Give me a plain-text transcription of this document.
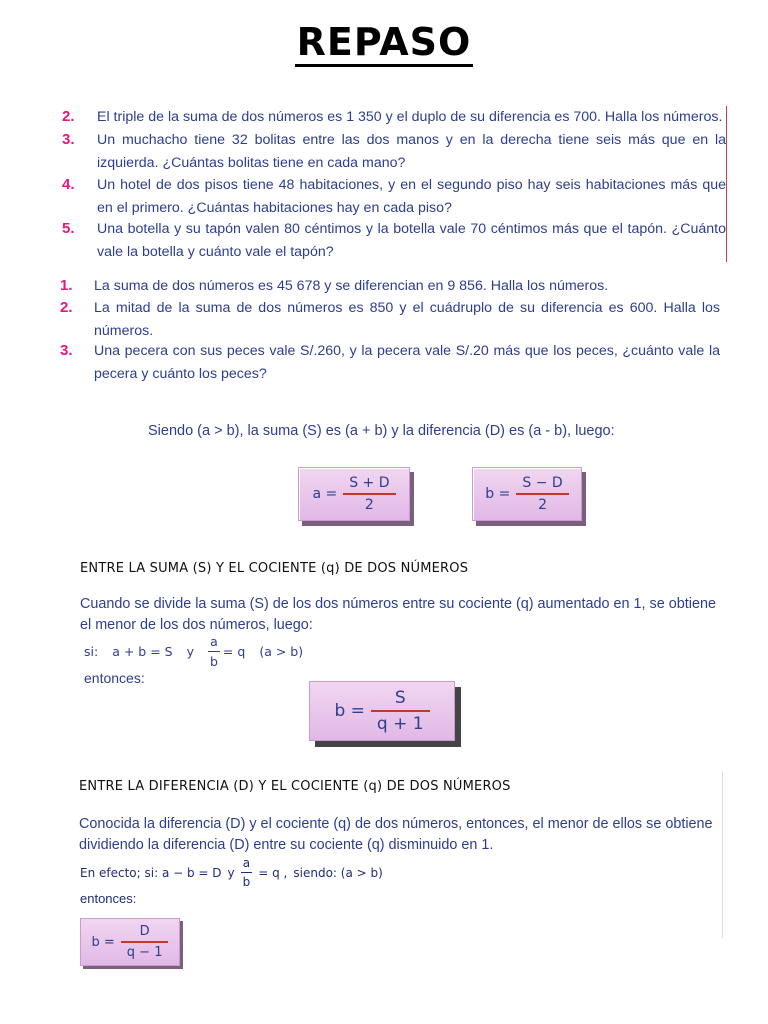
REPASO
2. El triple de la suma de dos números es 1 350 y el duplo de su diferencia es 700. Halla los números.
3. Un muchacho tiene 32 bolitas entre las dos manos y en la derecha tiene seis más que en la izquierda. ¿Cuántas bolitas tiene en cada mano?
4. Un hotel de dos pisos tiene 48 habitaciones, y en el segundo piso hay seis habitaciones más que en el primero. ¿Cuántas habitaciones hay en cada piso?
5. Una botella y su tapón valen 80 céntimos y la botella vale 70 céntimos más que el tapón. ¿Cuánto vale la botella y cuánto vale el tapón?
1. La suma de dos números es 45 678 y se diferencian en 9 856. Halla los números.
2. La mitad de la suma de dos números es 850 y el cuádruplo de su diferencia es 600. Halla los números.
3. Una pecera con sus peces vale S/.260, y la pecera vale S/.20 más que los peces, ¿cuánto vale la pecera y cuánto los peces?
Siendo (a > b), la suma (S) es (a + b) y la diferencia (D) es (a - b), luego:
$a = \frac{S + D}{2}$	$b = \frac{S - D}{2}$
ENTRE LA SUMA (S) Y EL COCIENTE (q) DE DOS NÚMEROS
Cuando se divide la suma (S) de los dos números entre su cociente (q) aumentado en 1, se obtiene el menor de los dos números, luego:
si: a + b = S y $\frac{a}{b} = q$ (a > b)
entonces:
$b = \frac{S}{q + 1}$
ENTRE LA DIFERENCIA (D) Y EL COCIENTE (q) DE DOS NÚMEROS
Conocida la diferencia (D) y el cociente (q) de dos números, entonces, el menor de ellos se obtiene dividiendo la diferencia (D) entre su cociente (q) disminuido en 1.
En efecto; si: a − b = D y $\frac{a}{b} = q$ , siendo: (a > b)
entonces:
$b = \frac{D}{q - 1}$
